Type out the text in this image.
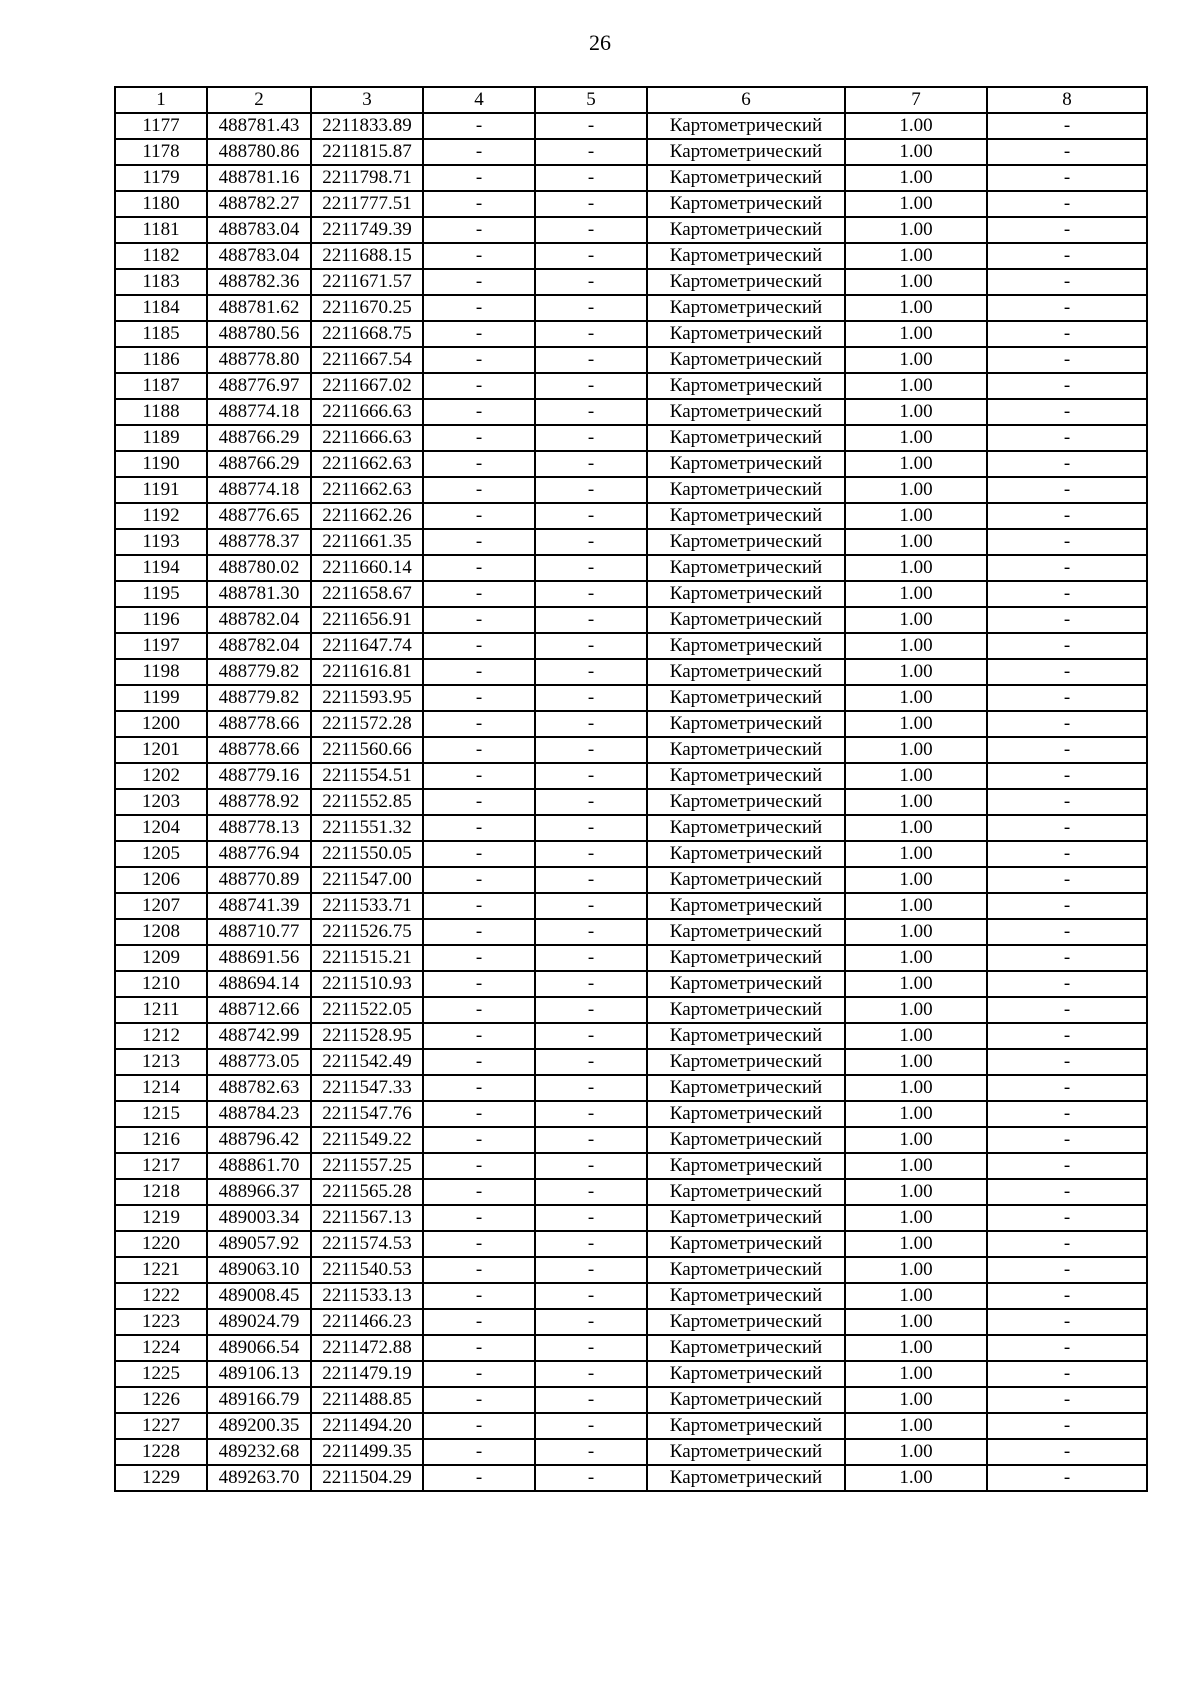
26
1	2	3	4	5	6	7	8
1177	488781.43	2211833.89	-	-	Картометрический	1.00	-
1178	488780.86	2211815.87	-	-	Картометрический	1.00	-
1179	488781.16	2211798.71	-	-	Картометрический	1.00	-
1180	488782.27	2211777.51	-	-	Картометрический	1.00	-
1181	488783.04	2211749.39	-	-	Картометрический	1.00	-
1182	488783.04	2211688.15	-	-	Картометрический	1.00	-
1183	488782.36	2211671.57	-	-	Картометрический	1.00	-
1184	488781.62	2211670.25	-	-	Картометрический	1.00	-
1185	488780.56	2211668.75	-	-	Картометрический	1.00	-
1186	488778.80	2211667.54	-	-	Картометрический	1.00	-
1187	488776.97	2211667.02	-	-	Картометрический	1.00	-
1188	488774.18	2211666.63	-	-	Картометрический	1.00	-
1189	488766.29	2211666.63	-	-	Картометрический	1.00	-
1190	488766.29	2211662.63	-	-	Картометрический	1.00	-
1191	488774.18	2211662.63	-	-	Картометрический	1.00	-
1192	488776.65	2211662.26	-	-	Картометрический	1.00	-
1193	488778.37	2211661.35	-	-	Картометрический	1.00	-
1194	488780.02	2211660.14	-	-	Картометрический	1.00	-
1195	488781.30	2211658.67	-	-	Картометрический	1.00	-
1196	488782.04	2211656.91	-	-	Картометрический	1.00	-
1197	488782.04	2211647.74	-	-	Картометрический	1.00	-
1198	488779.82	2211616.81	-	-	Картометрический	1.00	-
1199	488779.82	2211593.95	-	-	Картометрический	1.00	-
1200	488778.66	2211572.28	-	-	Картометрический	1.00	-
1201	488778.66	2211560.66	-	-	Картометрический	1.00	-
1202	488779.16	2211554.51	-	-	Картометрический	1.00	-
1203	488778.92	2211552.85	-	-	Картометрический	1.00	-
1204	488778.13	2211551.32	-	-	Картометрический	1.00	-
1205	488776.94	2211550.05	-	-	Картометрический	1.00	-
1206	488770.89	2211547.00	-	-	Картометрический	1.00	-
1207	488741.39	2211533.71	-	-	Картометрический	1.00	-
1208	488710.77	2211526.75	-	-	Картометрический	1.00	-
1209	488691.56	2211515.21	-	-	Картометрический	1.00	-
1210	488694.14	2211510.93	-	-	Картометрический	1.00	-
1211	488712.66	2211522.05	-	-	Картометрический	1.00	-
1212	488742.99	2211528.95	-	-	Картометрический	1.00	-
1213	488773.05	2211542.49	-	-	Картометрический	1.00	-
1214	488782.63	2211547.33	-	-	Картометрический	1.00	-
1215	488784.23	2211547.76	-	-	Картометрический	1.00	-
1216	488796.42	2211549.22	-	-	Картометрический	1.00	-
1217	488861.70	2211557.25	-	-	Картометрический	1.00	-
1218	488966.37	2211565.28	-	-	Картометрический	1.00	-
1219	489003.34	2211567.13	-	-	Картометрический	1.00	-
1220	489057.92	2211574.53	-	-	Картометрический	1.00	-
1221	489063.10	2211540.53	-	-	Картометрический	1.00	-
1222	489008.45	2211533.13	-	-	Картометрический	1.00	-
1223	489024.79	2211466.23	-	-	Картометрический	1.00	-
1224	489066.54	2211472.88	-	-	Картометрический	1.00	-
1225	489106.13	2211479.19	-	-	Картометрический	1.00	-
1226	489166.79	2211488.85	-	-	Картометрический	1.00	-
1227	489200.35	2211494.20	-	-	Картометрический	1.00	-
1228	489232.68	2211499.35	-	-	Картометрический	1.00	-
1229	489263.70	2211504.29	-	-	Картометрический	1.00	-
